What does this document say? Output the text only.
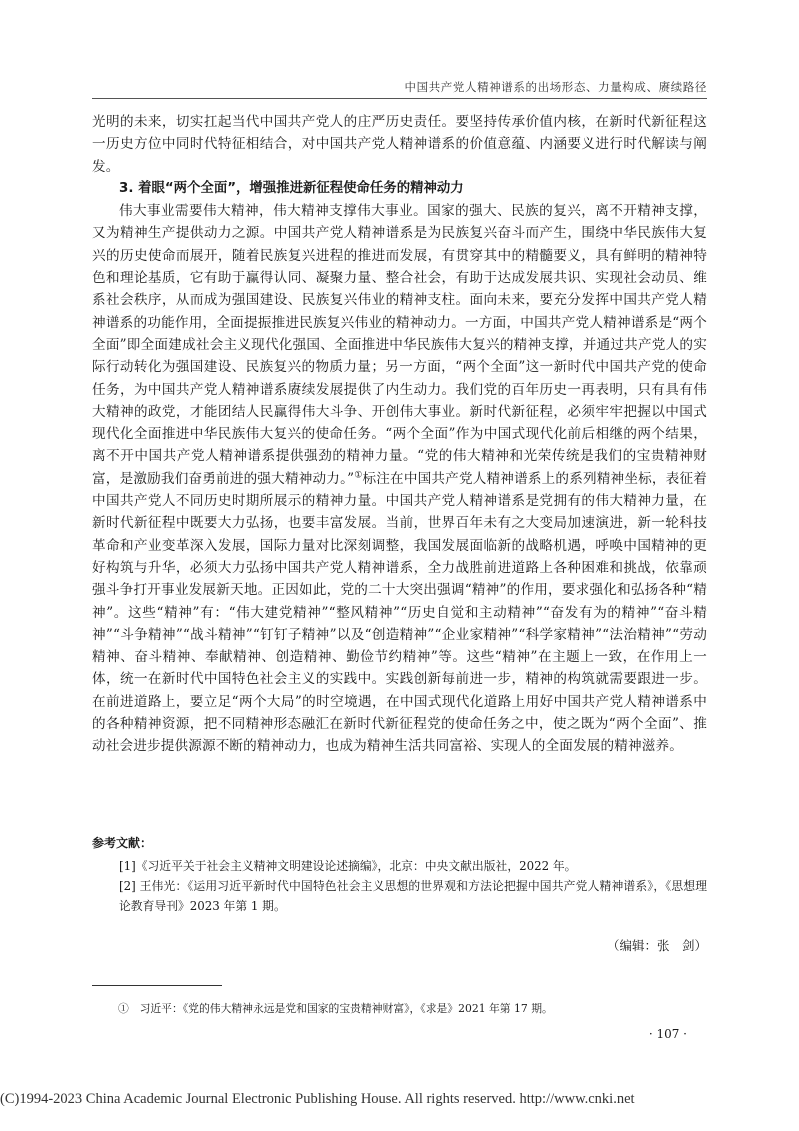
中国共产党人精神谱系的出场形态、力量构成、赓续路径

光明的未来，切实扛起当代中国共产党人的庄严历史责任。要坚持传承价值内核，在新时代新征程这一历史方位中同时代特征相结合，对中国共产党人精神谱系的价值意蕴、内涵要义进行时代解读与阐发。

3. 着眼“两个全面”，增强推进新征程使命任务的精神动力

伟大事业需要伟大精神，伟大精神支撑伟大事业。国家的强大、民族的复兴，离不开精神支撑，又为精神生产提供动力之源。中国共产党人精神谱系是为民族复兴奋斗而产生，围绕中华民族伟大复兴的历史使命而展开，随着民族复兴进程的推进而发展，有贯穿其中的精髓要义，具有鲜明的精神特色和理论基质，它有助于赢得认同、凝聚力量、整合社会，有助于达成发展共识、实现社会动员、维系社会秩序，从而成为强国建设、民族复兴伟业的精神支柱。面向未来，要充分发挥中国共产党人精神谱系的功能作用，全面提振推进民族复兴伟业的精神动力。一方面，中国共产党人精神谱系是“两个全面”即全面建成社会主义现代化强国、全面推进中华民族伟大复兴的精神支撑，并通过共产党人的实际行动转化为强国建设、民族复兴的物质力量；另一方面，“两个全面”这一新时代中国共产党的使命任务，为中国共产党人精神谱系赓续发展提供了内生动力。我们党的百年历史一再表明，只有具有伟大精神的政党，才能团结人民赢得伟大斗争、开创伟大事业。新时代新征程，必须牢牢把握以中国式现代化全面推进中华民族伟大复兴的使命任务。“两个全面”作为中国式现代化前后相继的两个结果，离不开中国共产党人精神谱系提供强劲的精神力量。“党的伟大精神和光荣传统是我们的宝贵精神财富，是激励我们奋勇前进的强大精神动力。”①标注在中国共产党人精神谱系上的系列精神坐标，表征着中国共产党人不同历史时期所展示的精神力量。中国共产党人精神谱系是党拥有的伟大精神力量，在新时代新征程中既要大力弘扬，也要丰富发展。当前，世界百年未有之大变局加速演进，新一轮科技革命和产业变革深入发展，国际力量对比深刻调整，我国发展面临新的战略机遇，呼唤中国精神的更好构筑与升华，必须大力弘扬中国共产党人精神谱系，全力战胜前进道路上各种困难和挑战，依靠顽强斗争打开事业发展新天地。正因如此，党的二十大突出强调“精神”的作用，要求强化和弘扬各种“精神”。这些“精神”有：“伟大建党精神”“整风精神”“历史自觉和主动精神”“奋发有为的精神”“奋斗精神”“斗争精神”“战斗精神”“钉钉子精神”以及“创造精神”“企业家精神”“科学家精神”“法治精神”“劳动精神、奋斗精神、奉献精神、创造精神、勤俭节约精神”等。这些“精神”在主题上一致，在作用上一体，统一在新时代中国特色社会主义的实践中。实践创新每前进一步，精神的构筑就需要跟进一步。在前进道路上，要立足“两个大局”的时空境遇，在中国式现代化道路上用好中国共产党人精神谱系中的各种精神资源，把不同精神形态融汇在新时代新征程党的使命任务之中，使之既为“两个全面”、推动社会进步提供源源不断的精神动力，也成为精神生活共同富裕、实现人的全面发展的精神滋养。

参考文献：
[1]《习近平关于社会主义精神文明建设论述摘编》，北京：中央文献出版社，2022 年。
[2] 王伟光：《运用习近平新时代中国特色社会主义思想的世界观和方法论把握中国共产党人精神谱系》，《思想理论教育导刊》2023 年第 1 期。
（编辑：张　剑）
①　习近平：《党的伟大精神永远是党和国家的宝贵精神财富》，《求是》2021 年第 17 期。
· 107 ·
(C)1994-2023 China Academic Journal Electronic Publishing House. All rights reserved. http://www.cnki.net
